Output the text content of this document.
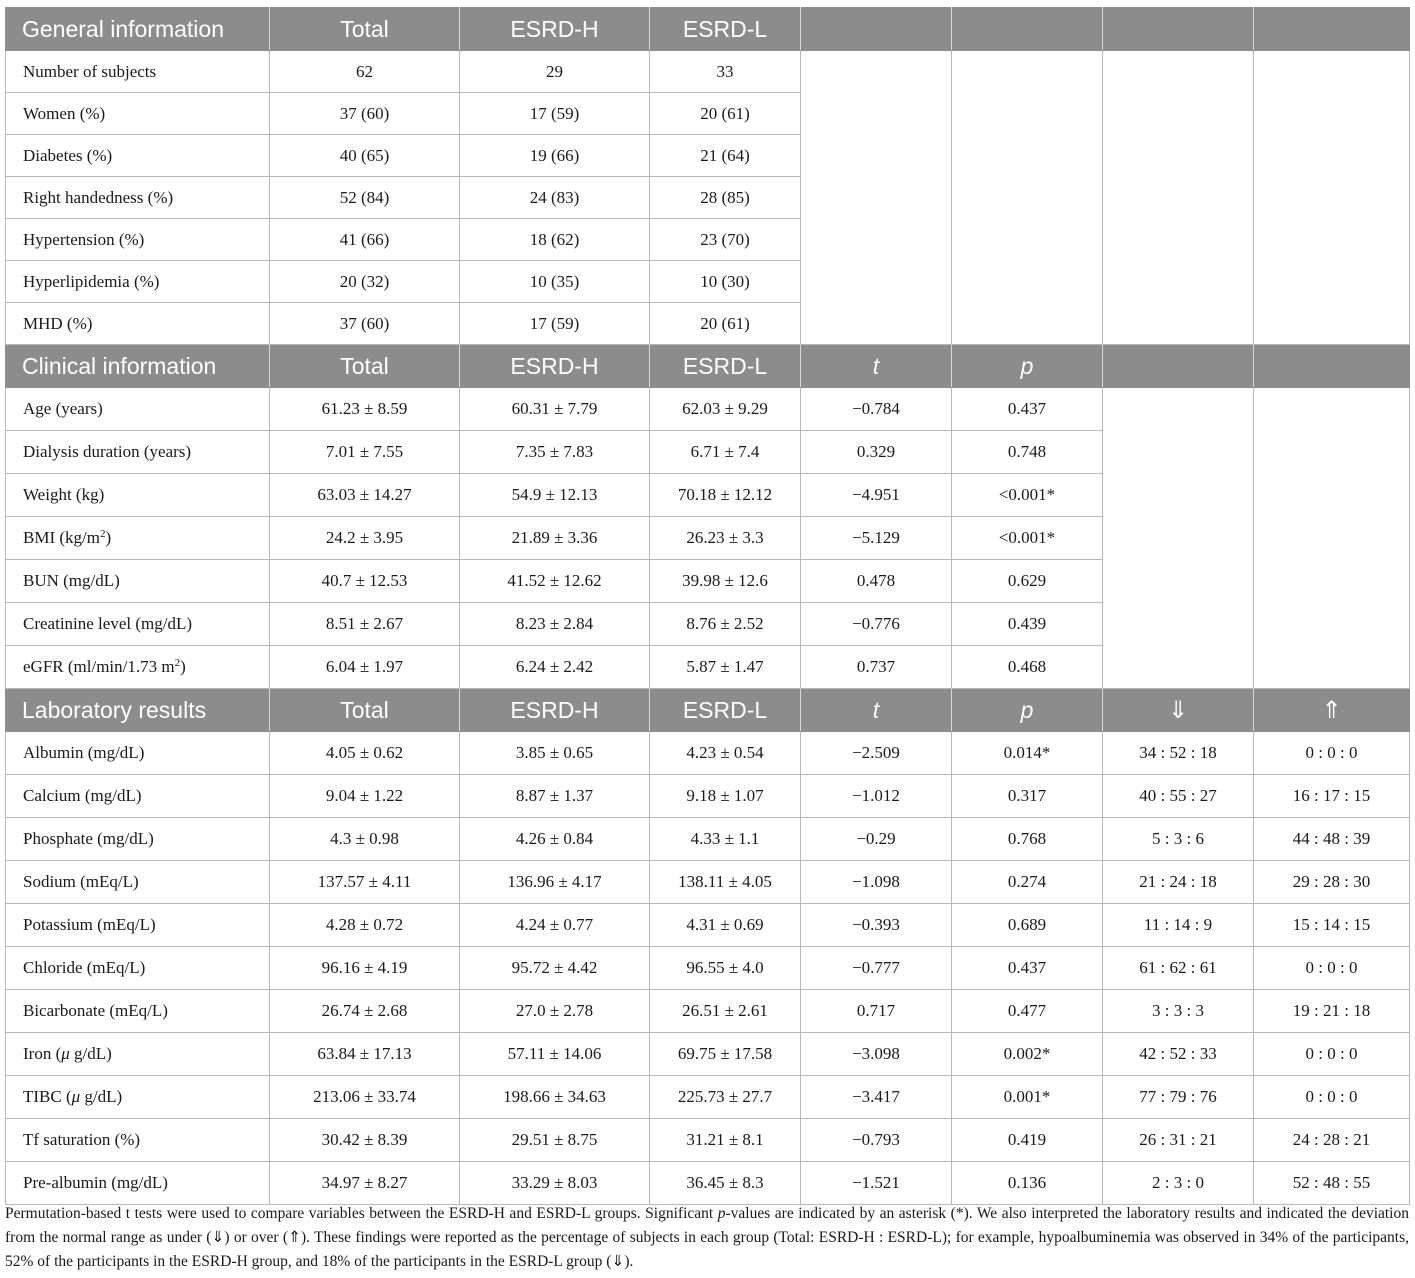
General information	Total	ESRD-H	ESRD-L				
Number of subjects	62	29	33				
Women (%)	37 (60)	17 (59)	20 (61)				
Diabetes (%)	40 (65)	19 (66)	21 (64)				
Right handedness (%)	52 (84)	24 (83)	28 (85)				
Hypertension (%)	41 (66)	18 (62)	23 (70)				
Hyperlipidemia (%)	20 (32)	10 (35)	10 (30)				
MHD (%)	37 (60)	17 (59)	20 (61)				
Clinical information	Total	ESRD-H	ESRD-L	t	p		
Age (years)	61.23 ± 8.59	60.31 ± 7.79	62.03 ± 9.29	−0.784	0.437		
Dialysis duration (years)	7.01 ± 7.55	7.35 ± 7.83	6.71 ± 7.4	0.329	0.748		
Weight (kg)	63.03 ± 14.27	54.9 ± 12.13	70.18 ± 12.12	−4.951	<0.001*		
BMI $(kg/m^2)$	24.2 ± 3.95	21.89 ± 3.36	26.23 ± 3.3	−5.129	<0.001*		
BUN (mg/dL)	40.7 ± 12.53	41.52 ± 12.62	39.98 ± 12.6	0.478	0.629		
Creatinine level (mg/dL)	8.51 ± 2.67	8.23 ± 2.84	8.76 ± 2.52	−0.776	0.439		
eGFR (ml/min/1.73 $m^2$)	6.04 ± 1.97	6.24 ± 2.42	5.87 ± 1.47	0.737	0.468		
Laboratory results	Total	ESRD-H	ESRD-L	t	p	⇓	⇑
Albumin (mg/dL)	4.05 ± 0.62	3.85 ± 0.65	4.23 ± 0.54	−2.509	0.014*	34 : 52 : 18	0 : 0 : 0
Calcium (mg/dL)	9.04 ± 1.22	8.87 ± 1.37	9.18 ± 1.07	−1.012	0.317	40 : 55 : 27	16 : 17 : 15
Phosphate (mg/dL)	4.3 ± 0.98	4.26 ± 0.84	4.33 ± 1.1	−0.29	0.768	5 : 3 : 6	44 : 48 : 39
Sodium (mEq/L)	137.57 ± 4.11	136.96 ± 4.17	138.11 ± 4.05	−1.098	0.274	21 : 24 : 18	29 : 28 : 30
Potassium (mEq/L)	4.28 ± 0.72	4.24 ± 0.77	4.31 ± 0.69	−0.393	0.689	11 : 14 : 9	15 : 14 : 15
Chloride (mEq/L)	96.16 ± 4.19	95.72 ± 4.42	96.55 ± 4.0	−0.777	0.437	61 : 62 : 61	0 : 0 : 0
Bicarbonate (mEq/L)	26.74 ± 2.68	27.0 ± 2.78	26.51 ± 2.61	0.717	0.477	3 : 3 : 3	19 : 21 : 18
Iron (μ g/dL)	63.84 ± 17.13	57.11 ± 14.06	69.75 ± 17.58	−3.098	0.002*	42 : 52 : 33	0 : 0 : 0
TIBC (μ g/dL)	213.06 ± 33.74	198.66 ± 34.63	225.73 ± 27.7	−3.417	0.001*	77 : 79 : 76	0 : 0 : 0
Tf saturation (%)	30.42 ± 8.39	29.51 ± 8.75	31.21 ± 8.1	−0.793	0.419	26 : 31 : 21	24 : 28 : 21
Pre-albumin (mg/dL)	34.97 ± 8.27	33.29 ± 8.03	36.45 ± 8.3	−1.521	0.136	2 : 3 : 0	52 : 48 : 55
Permutation-based t tests were used to compare variables between the ESRD-H and ESRD-L groups. Significant p-values are indicated by an asterisk (*). We also interpreted the laboratory results and indicated the deviation from the normal range as under (⇓) or over (⇑). These findings were reported as the percentage of subjects in each group (Total: ESRD-H : ESRD-L); for example, hypoalbuminemia was observed in 34% of the participants, 52% of the participants in the ESRD-H group, and 18% of the participants in the ESRD-L group (⇓).
